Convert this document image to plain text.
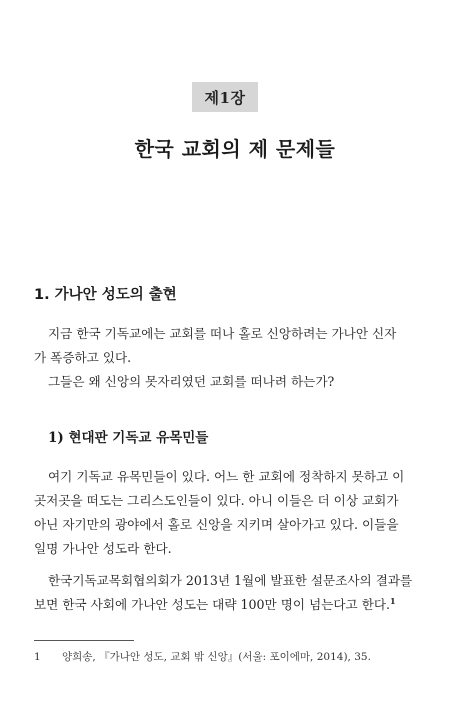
제1장
한국 교회의 제 문제들
1. 가나안 성도의 출현

지금 한국 기독교에는 교회를 떠나 홀로 신앙하려는 가나안 신자
가 폭증하고 있다.

그들은 왜 신앙의 못자리였던 교회를 떠나려 하는가?

1) 현대판 기독교 유목민들

여기 기독교 유목민들이 있다. 어느 한 교회에 정착하지 못하고 이
곳저곳을 떠도는 그리스도인들이 있다. 아니 이들은 더 이상 교회가
아닌 자기만의 광야에서 홀로 신앙을 지키며 살아가고 있다. 이들을
일명 가나안 성도라 한다.

한국기독교목회협의회가 2013년 1월에 발표한 설문조사의 결과를
보면 한국 사회에 가나안 성도는 대략 100만 명이 넘는다고 한다.$^1$

1 양희송, 『가나안 성도, 교회 밖 신앙』(서울: 포이에마, 2014), 35.
